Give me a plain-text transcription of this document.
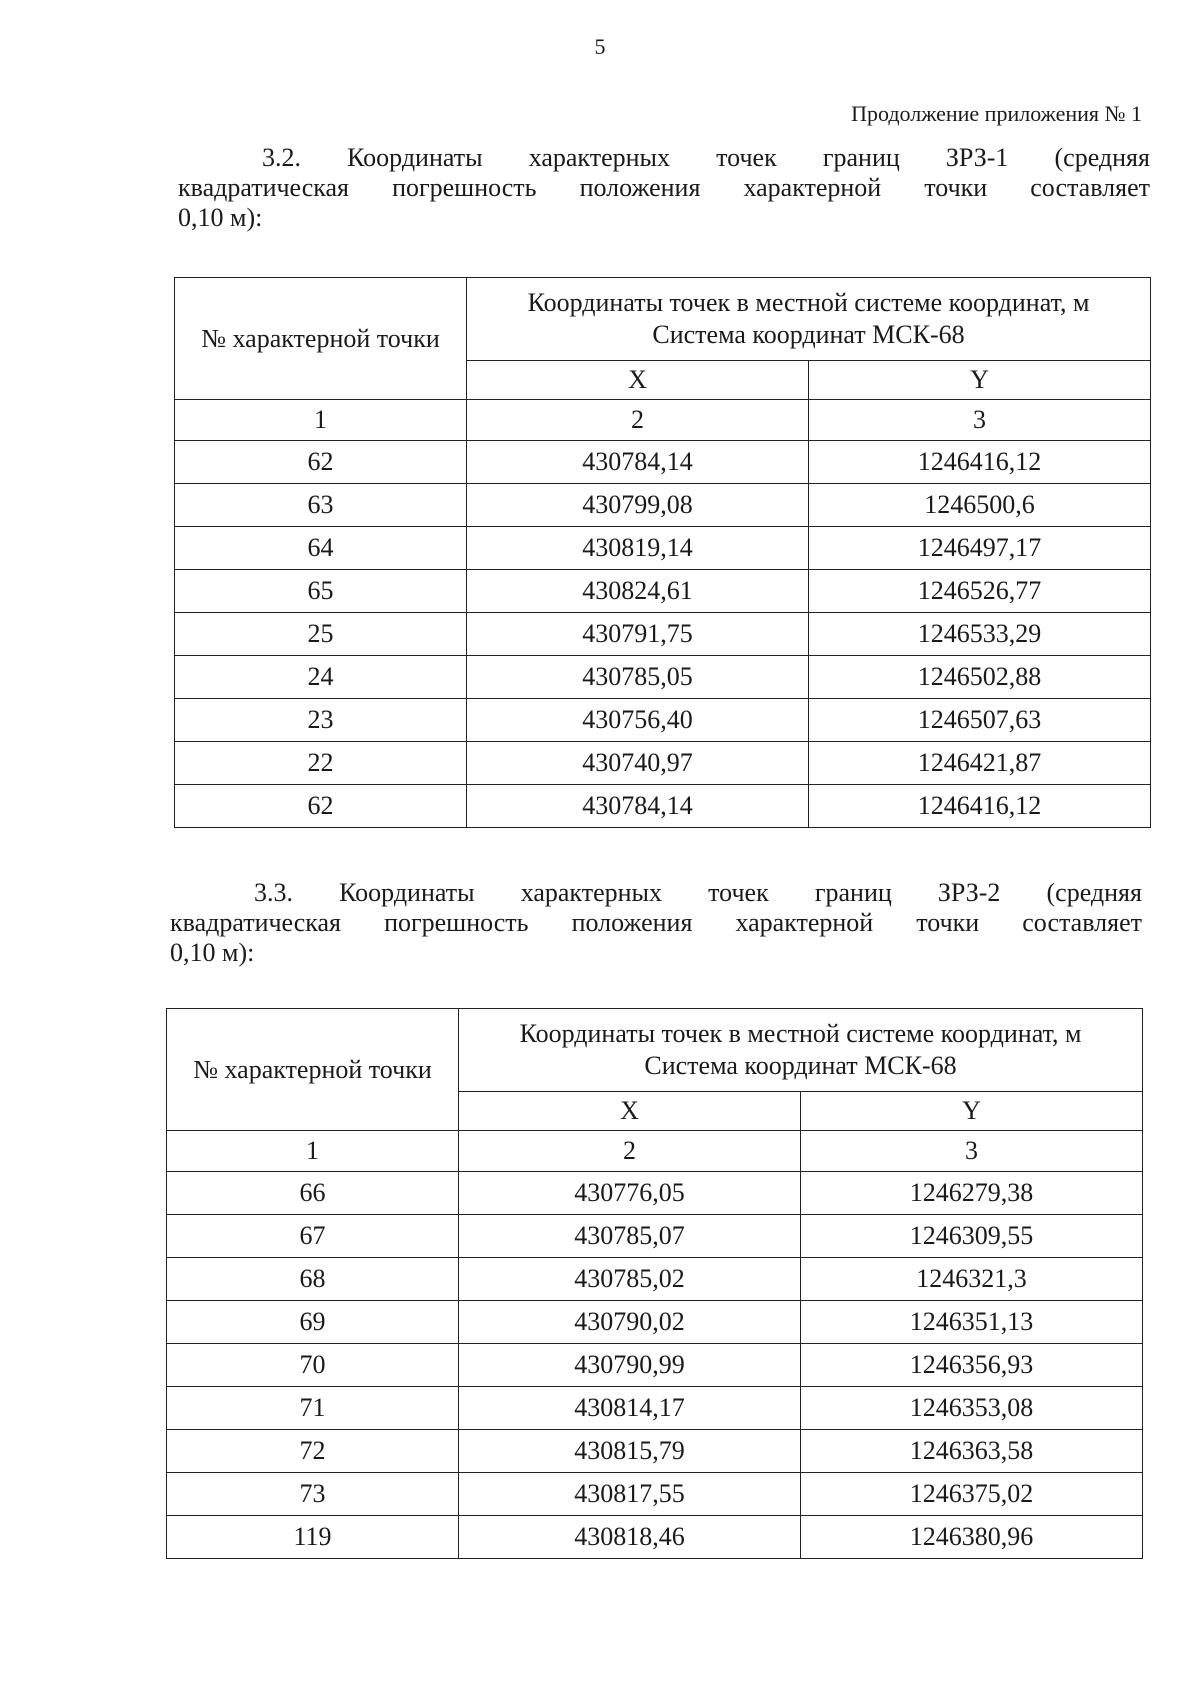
5
Продолжение приложения № 1
3.2. Координаты характерных точек границ ЗРЗ-1 (средняя
квадратическая погрешность положения характерной точки составляет
0,10 м):
№ характерной точки	Координаты точек в местной системе координат, м
Система координат МСК-68	

	X	Y
1	2	3
62	430784,14	1246416,12
63	430799,08	1246500,6
64	430819,14	1246497,17
65	430824,61	1246526,77
25	430791,75	1246533,29
24	430785,05	1246502,88
23	430756,40	1246507,63
22	430740,97	1246421,87
62	430784,14	1246416,12
3.3. Координаты характерных точек границ ЗРЗ-2 (средняя
квадратическая погрешность положения характерной точки составляет
0,10 м):
№ характерной точки	Координаты точек в местной системе координат, м
Система координат МСК-68	

	X	Y
1	2	3
66	430776,05	1246279,38
67	430785,07	1246309,55
68	430785,02	1246321,3
69	430790,02	1246351,13
70	430790,99	1246356,93
71	430814,17	1246353,08
72	430815,79	1246363,58
73	430817,55	1246375,02
119	430818,46	1246380,96
